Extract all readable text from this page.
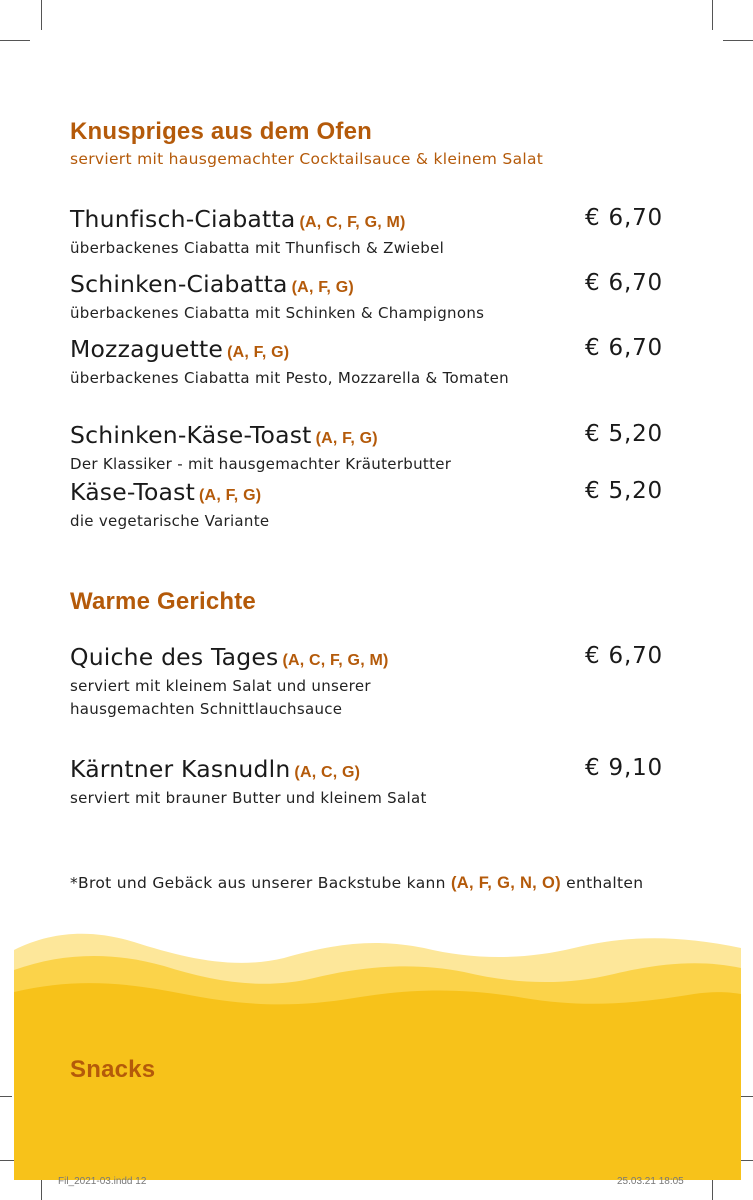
Knuspriges aus dem Ofen
serviert mit hausgemachter Cocktailsauce & kleinem Salat
Thunfisch-Ciabatta (A, C, F, G, M)
überbackenes Ciabatta mit Thunfisch & Zwiebel
€ 6,70
Schinken-Ciabatta (A, F, G)
überbackenes Ciabatta mit Schinken & Champignons
€ 6,70
Mozzaguette (A, F, G)
überbackenes Ciabatta mit Pesto, Mozzarella & Tomaten
€ 6,70
Schinken-Käse-Toast (A, F, G)
Der Klassiker - mit hausgemachter Kräuterbutter
€ 5,20
Käse-Toast (A, F, G)
die vegetarische Variante
€ 5,20
Warme Gerichte
Quiche des Tages (A, C, F, G, M)
serviert mit kleinem Salat und unserer
hausgemachten Schnittlauchsauce
€ 6,70
Kärntner Kasnudln (A, C, G)
serviert mit brauner Butter und kleinem Salat
€ 9,10
*Brot und Gebäck aus unserer Backstube kann (A, F, G, N, O) enthalten
Snacks
Fil_2021-03.indd 12	25.03.21 18:05
